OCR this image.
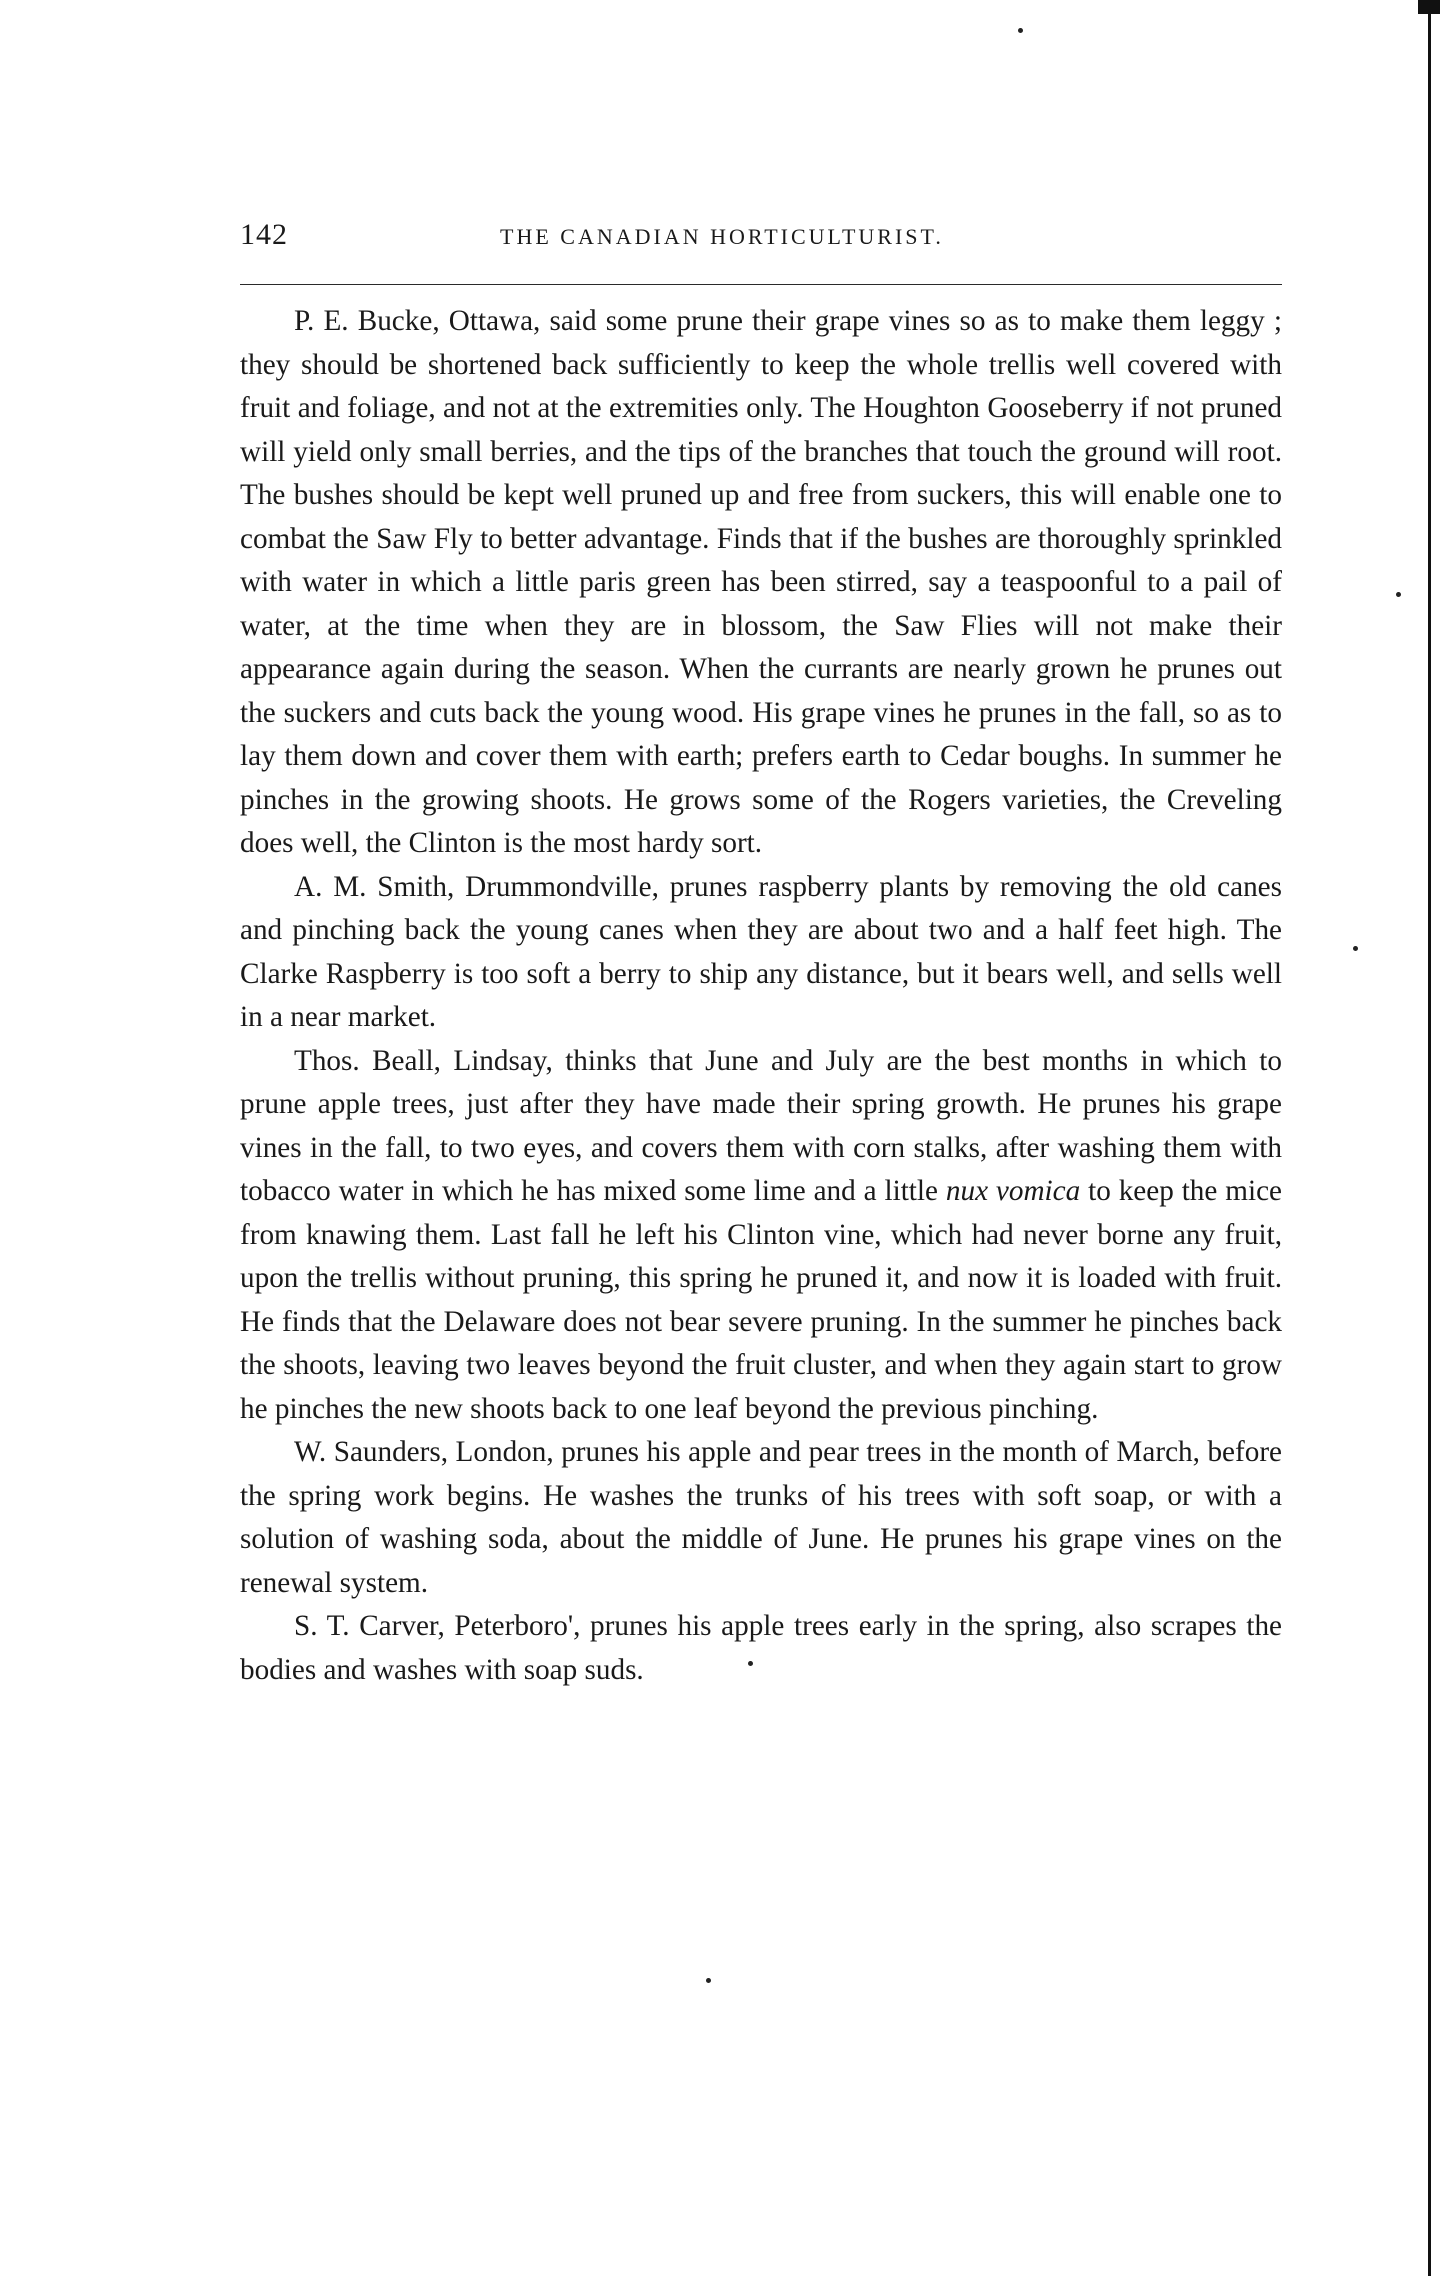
142	THE CANADIAN HORTICULTURIST.

P. E. Bucke, Ottawa, said some prune their grape vines so as to make them leggy ; they should be shortened back sufficiently to keep the whole trellis well covered with fruit and foliage, and not at the extremities only. The Houghton Gooseberry if not pruned will yield only small berries, and the tips of the branches that touch the ground will root. The bushes should be kept well pruned up and free from suckers, this will enable one to combat the Saw Fly to better advantage. Finds that if the bushes are thoroughly sprinkled with water in which a little paris green has been stirred, say a teaspoonful to a pail of water, at the time when they are in blossom, the Saw Flies will not make their appearance again during the season. When the currants are nearly grown he prunes out the suckers and cuts back the young wood. His grape vines he prunes in the fall, so as to lay them down and cover them with earth; prefers earth to Cedar boughs. In summer he pinches in the growing shoots. He grows some of the Rogers varieties, the Creveling does well, the Clinton is the most hardy sort.

A. M. Smith, Drummondville, prunes raspberry plants by removing the old canes and pinching back the young canes when they are about two and a half feet high. The Clarke Raspberry is too soft a berry to ship any distance, but it bears well, and sells well in a near market.

Thos. Beall, Lindsay, thinks that June and July are the best months in which to prune apple trees, just after they have made their spring growth. He prunes his grape vines in the fall, to two eyes, and covers them with corn stalks, after washing them with tobacco water in which he has mixed some lime and a little nux vomica to keep the mice from knawing them. Last fall he left his Clinton vine, which had never borne any fruit, upon the trellis without pruning, this spring he pruned it, and now it is loaded with fruit. He finds that the Delaware does not bear severe pruning. In the summer he pinches back the shoots, leaving two leaves beyond the fruit cluster, and when they again start to grow he pinches the new shoots back to one leaf beyond the previous pinching.

W. Saunders, London, prunes his apple and pear trees in the month of March, before the spring work begins. He washes the trunks of his trees with soft soap, or with a solution of washing soda, about the middle of June. He prunes his grape vines on the renewal system.

S. T. Carver, Peterboro', prunes his apple trees early in the spring, also scrapes the bodies and washes with soap suds.
